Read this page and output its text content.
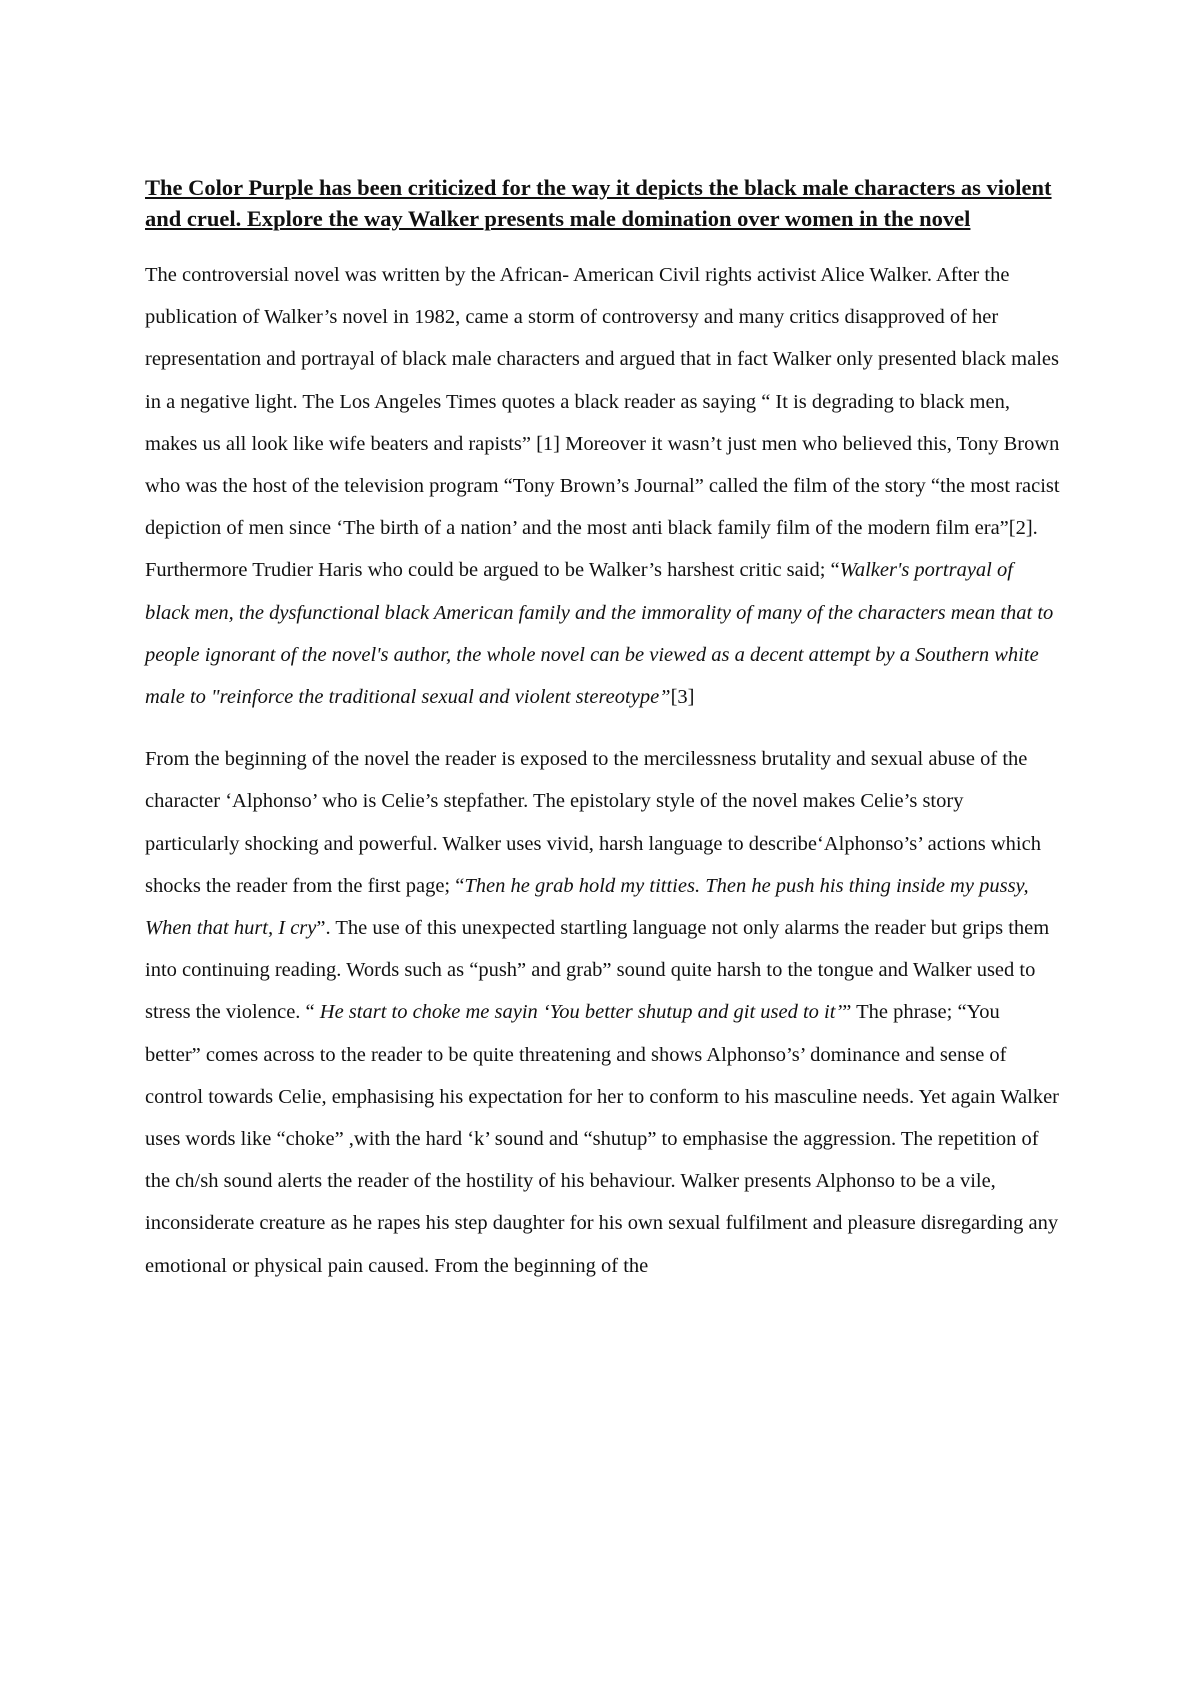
The Color Purple has been criticized for the way it depicts the black male characters as violent and cruel. Explore the way Walker presents male domination over women in the novel

The controversial novel was written by the African- American Civil rights activist Alice Walker. After the publication of Walker’s novel in 1982, came a storm of controversy and many critics disapproved of her representation and portrayal of black male characters and argued that in fact Walker only presented black males in a negative light. The Los Angeles Times quotes a black reader as saying “ It is degrading to black men, makes us all look like wife beaters and rapists” [1] Moreover it wasn’t just men who believed this, Tony Brown who was the host of the television program “Tony Brown’s Journal” called the film of the story “the most racist depiction of men since ‘The birth of a nation’ and the most anti black family film of the modern film era”[2]. Furthermore Trudier Haris who could be argued to be Walker’s harshest critic said; “Walker's portrayal of black men, the dysfunctional black American family and the immorality of many of the characters mean that to people ignorant of the novel's author, the whole novel can be viewed as a decent attempt by a Southern white male to "reinforce the traditional sexual and violent stereotype”[3]

From the beginning of the novel the reader is exposed to the mercilessness brutality and sexual abuse of the character ‘Alphonso’ who is Celie’s stepfather. The epistolary style of the novel makes Celie’s story particularly shocking and powerful. Walker uses vivid, harsh language to describe‘Alphonso’s’ actions which shocks the reader from the first page; “Then he grab hold my titties. Then he push his thing inside my pussy, When that hurt, I cry”. The use of this unexpected startling language not only alarms the reader but grips them into continuing reading. Words such as “push” and grab” sound quite harsh to the tongue and Walker used to stress the violence. “ He start to choke me sayin ‘You better shutup and git used to it’” The phrase; “You better” comes across to the reader to be quite threatening and shows Alphonso’s’ dominance and sense of control towards Celie, emphasising his expectation for her to conform to his masculine needs. Yet again Walker uses words like “choke” ,with the hard ‘k’ sound and “shutup” to emphasise the aggression. The repetition of the ch/sh sound alerts the reader of the hostility of his behaviour. Walker presents Alphonso to be a vile, inconsiderate creature as he rapes his step daughter for his own sexual fulfilment and pleasure disregarding any emotional or physical pain caused. From the beginning of the
